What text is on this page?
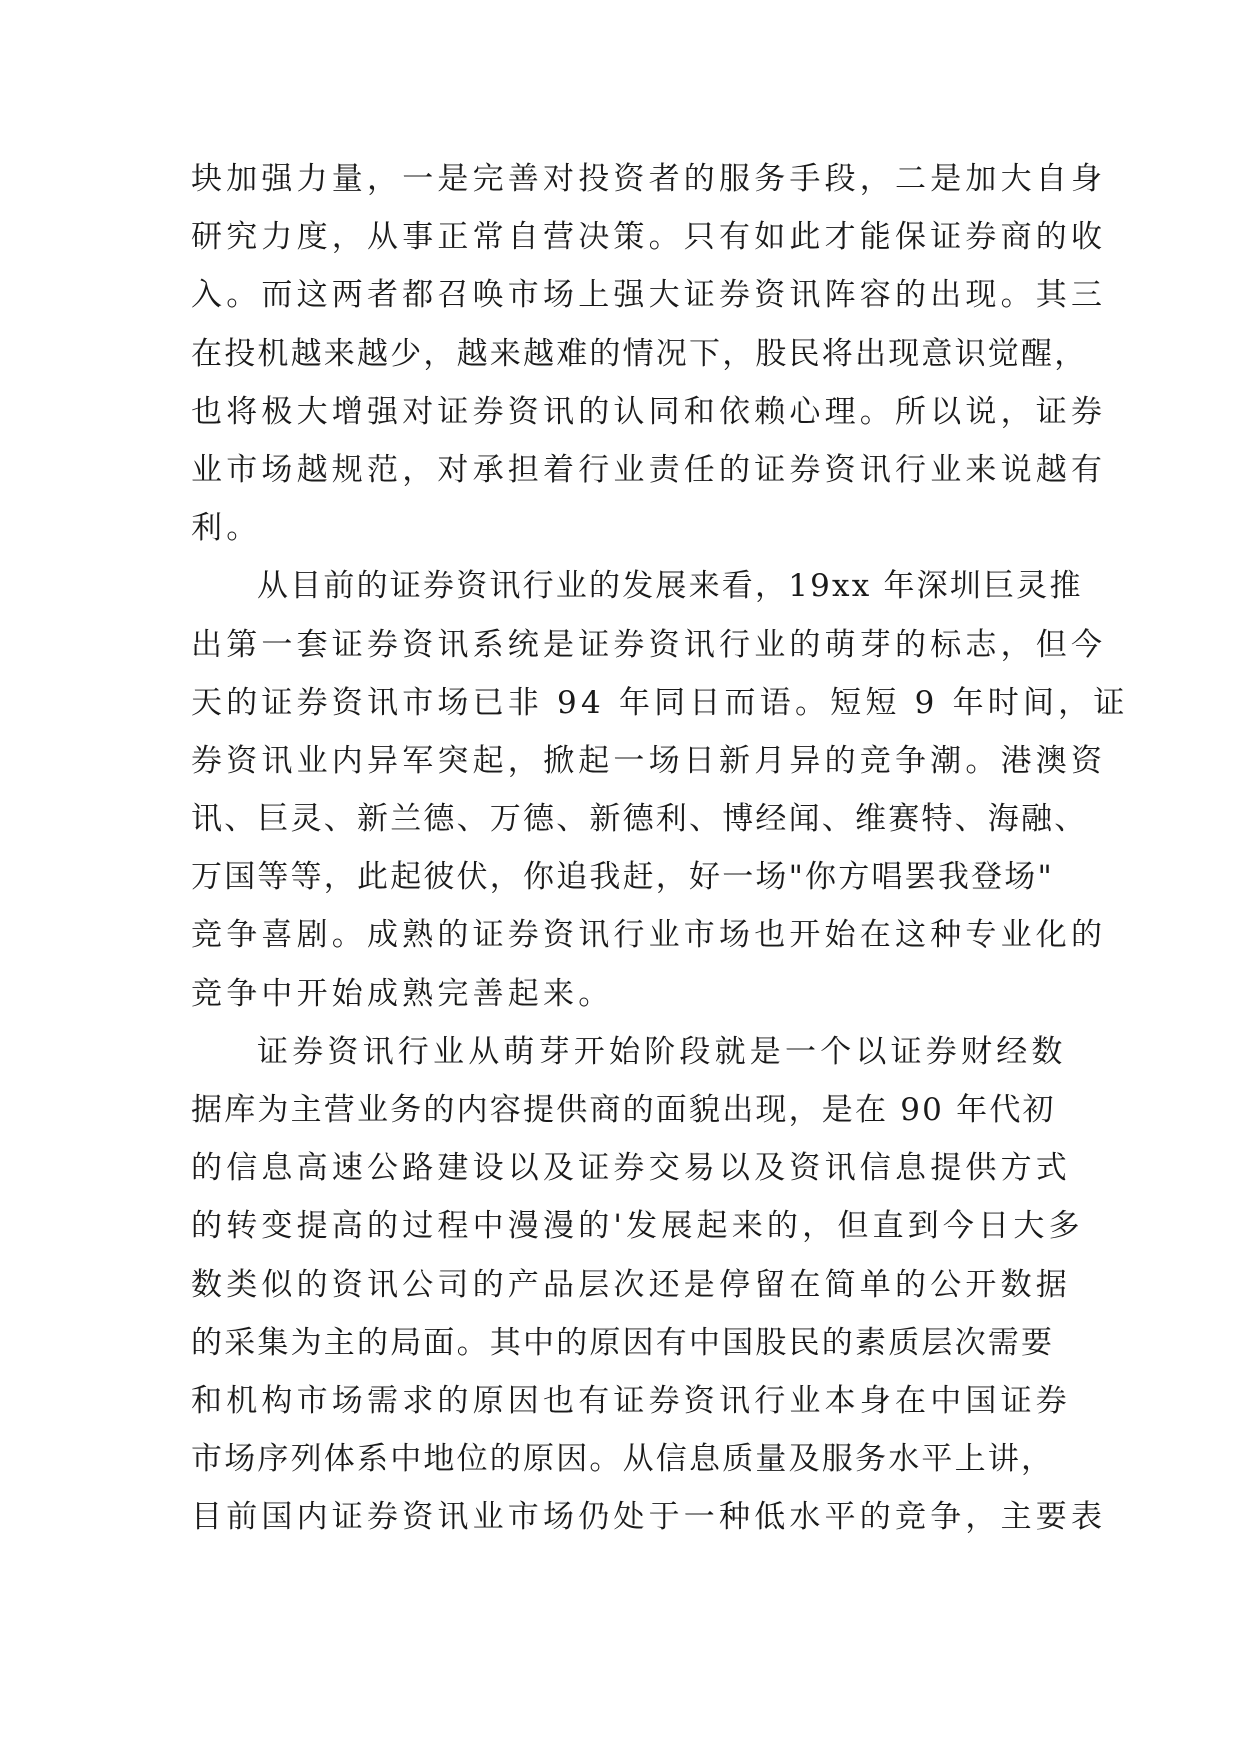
块加强力量，一是完善对投资者的服务手段，二是加大自身
研究力度，从事正常自营决策。只有如此才能保证券商的收
入。而这两者都召唤市场上强大证券资讯阵容的出现。其三
在投机越来越少，越来越难的情况下，股民将出现意识觉醒，
也将极大增强对证券资讯的认同和依赖心理。所以说，证券
业市场越规范，对承担着行业责任的证券资讯行业来说越有
利。
从目前的证券资讯行业的发展来看，19xx 年深圳巨灵推
出第一套证券资讯系统是证券资讯行业的萌芽的标志，但今
天的证券资讯市场已非 94 年同日而语。短短 9 年时间，证
券资讯业内异军突起，掀起一场日新月异的竞争潮。港澳资
讯、巨灵、新兰德、万德、新德利、博经闻、维赛特、海融、
万国等等，此起彼伏，你追我赶，好一场"你方唱罢我登场"
竞争喜剧。成熟的证券资讯行业市场也开始在这种专业化的
竞争中开始成熟完善起来。
证券资讯行业从萌芽开始阶段就是一个以证券财经数
据库为主营业务的内容提供商的面貌出现，是在 90 年代初
的信息高速公路建设以及证券交易以及资讯信息提供方式
的转变提高的过程中漫漫的'发展起来的，但直到今日大多
数类似的资讯公司的产品层次还是停留在简单的公开数据
的采集为主的局面。其中的原因有中国股民的素质层次需要
和机构市场需求的原因也有证券资讯行业本身在中国证券
市场序列体系中地位的原因。从信息质量及服务水平上讲，
目前国内证券资讯业市场仍处于一种低水平的竞争，主要表
